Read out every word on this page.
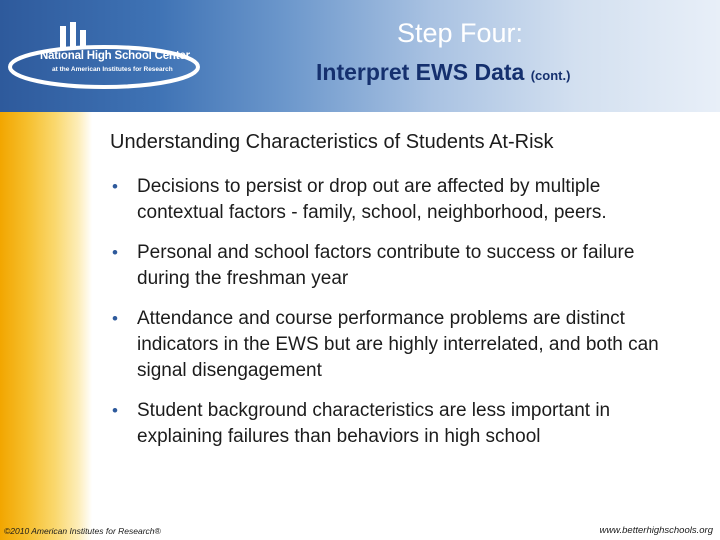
National High School Center
at the American Institutes for Research
Step Four:
Interpret EWS Data (cont.)
Understanding Characteristics of Students At-Risk
• Decisions to persist or drop out are affected by multiple contextual factors - family, school, neighborhood, peers.
• Personal and school factors contribute to success or failure during the freshman year
• Attendance and course performance problems are distinct indicators in the EWS but are highly interrelated, and both can signal disengagement
• Student background characteristics are less important in explaining failures than behaviors in high school
©2010 American Institutes for Research®	www.betterhighschools.org
